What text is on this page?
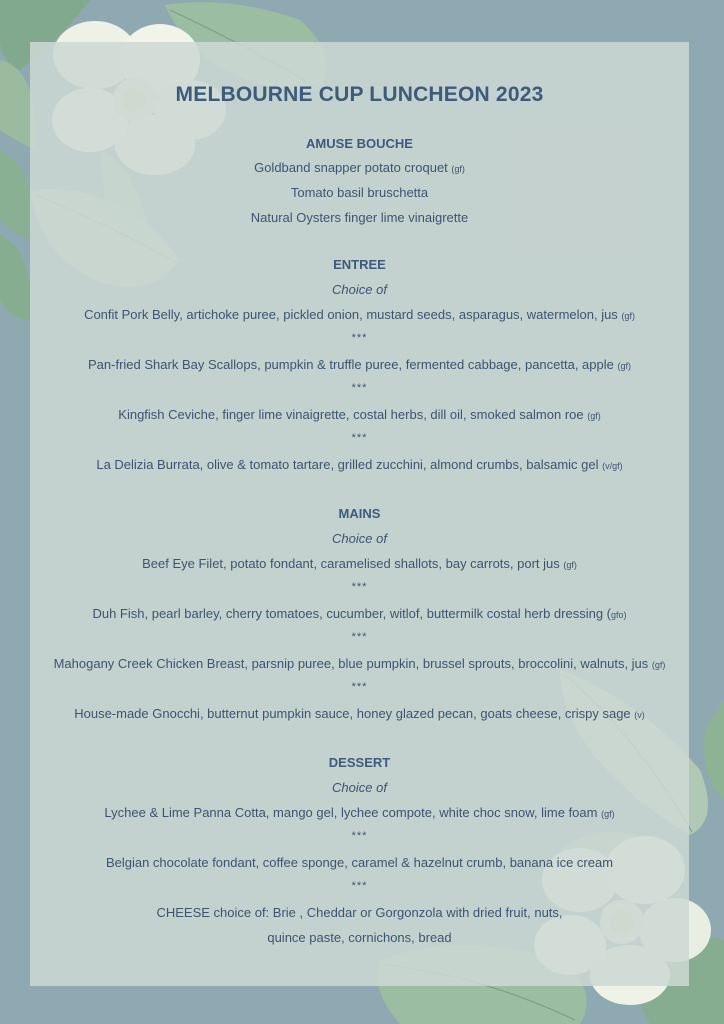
MELBOURNE CUP LUNCHEON 2023
AMUSE BOUCHE
Goldband snapper potato croquet (gf)
Tomato basil bruschetta
Natural Oysters finger lime vinaigrette
ENTREE
Choice of
Confit Pork Belly, artichoke puree, pickled onion, mustard seeds, asparagus, watermelon, jus (gf)
***
Pan-fried Shark Bay Scallops, pumpkin & truffle puree, fermented cabbage, pancetta, apple (gf)
***
Kingfish Ceviche, finger lime vinaigrette, costal herbs, dill oil, smoked salmon roe (gf)
***
La Delizia Burrata, olive & tomato tartare, grilled zucchini, almond crumbs, balsamic gel (v/gf)
MAINS
Choice of
Beef Eye Filet, potato fondant, caramelised shallots, bay carrots, port jus (gf)
***
Duh Fish, pearl barley, cherry tomatoes, cucumber, witlof, buttermilk costal herb dressing (gfo)
***
Mahogany Creek Chicken Breast, parsnip puree, blue pumpkin, brussel sprouts, broccolini, walnuts, jus (gf)
***
House-made Gnocchi, butternut pumpkin sauce, honey glazed pecan, goats cheese, crispy sage (v)
DESSERT
Choice of
Lychee & Lime Panna Cotta, mango gel, lychee compote, white choc snow, lime foam (gf)
***
Belgian chocolate fondant, coffee sponge, caramel & hazelnut crumb, banana ice cream
***
CHEESE choice of: Brie , Cheddar or Gorgonzola with dried fruit, nuts,
quince paste, cornichons, bread
